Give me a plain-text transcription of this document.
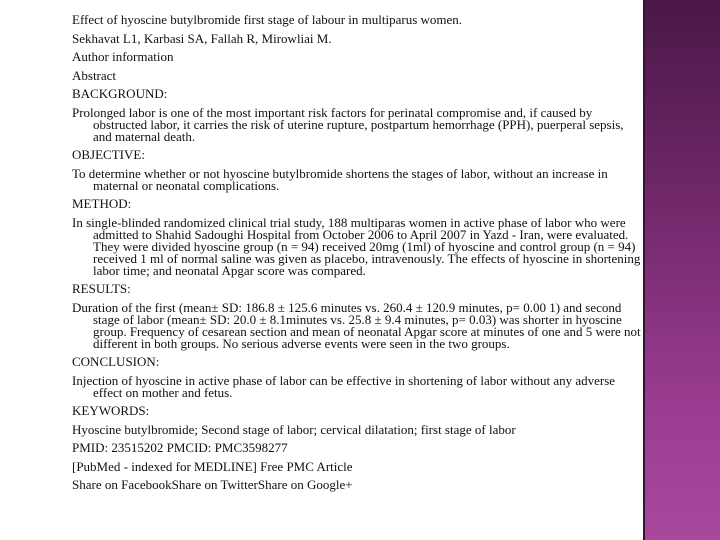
Effect of hyoscine butylbromide first stage of labour in multiparus women.
Sekhavat L1, Karbasi SA, Fallah R, Mirowliai M.
Author information
Abstract
BACKGROUND:
Prolonged labor is one of the most important risk factors for perinatal compromise and, if caused by
obstructed labor, it carries the risk of uterine rupture, postpartum hemorrhage (PPH), puerperal sepsis,
and maternal death.
OBJECTIVE:
To determine whether or not hyoscine butylbromide shortens the stages of labor, without an increase in
maternal or neonatal complications.
METHOD:
In single-blinded randomized clinical trial study, 188 multiparas women in active phase of labor who were
admitted to Shahid Sadoughi Hospital from October 2006 to April 2007 in Yazd - Iran, were evaluated.
They were divided hyoscine group (n = 94) received 20mg (1ml) of hyoscine and control group (n = 94)
received 1 ml of normal saline was given as placebo, intravenously. The effects of hyoscine in shortening
labor time; and neonatal Apgar score was compared.
RESULTS:
Duration of the first (mean± SD: 186.8 ± 125.6 minutes vs. 260.4 ± 120.9 minutes, p= 0.00 1) and second
stage of labor (mean± SD: 20.0 ± 8.1minutes vs. 25.8 ± 9.4 minutes, p= 0.03) was shorter in hyoscine
group. Frequency of cesarean section and mean of neonatal Apgar score at minutes of one and 5 were not
different in both groups. No serious adverse events were seen in the two groups.
CONCLUSION:
Injection of hyoscine in active phase of labor can be effective in shortening of labor without any adverse
effect on mother and fetus.
KEYWORDS:
Hyoscine butylbromide; Second stage of labor; cervical dilatation; first stage of labor
PMID: 23515202 PMCID: PMC3598277
[PubMed - indexed for MEDLINE] Free PMC Article
Share on FacebookShare on TwitterShare on Google+
